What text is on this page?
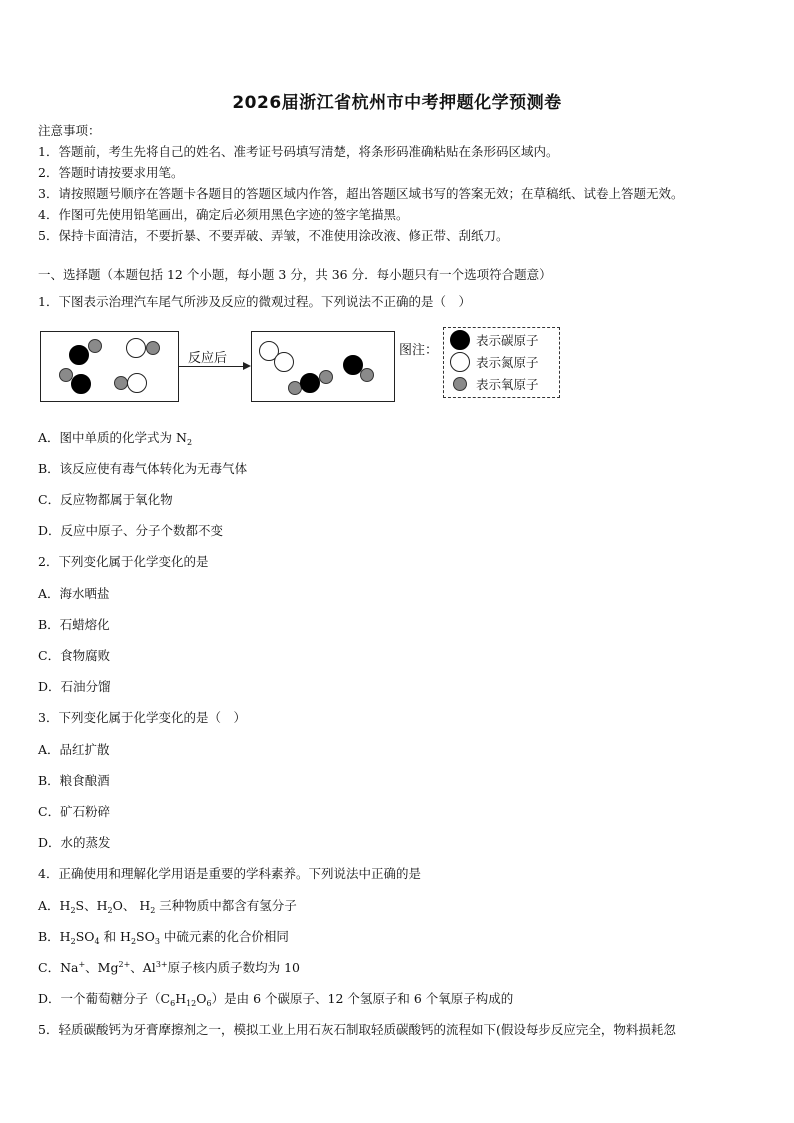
2026届浙江省杭州市中考押题化学预测卷
注意事项：
1．答题前，考生先将自己的姓名、准考证号码填写清楚，将条形码准确粘贴在条形码区域内。
2．答题时请按要求用笔。
3．请按照题号顺序在答题卡各题目的答题区域内作答，超出答题区域书写的答案无效；在草稿纸、试卷上答题无效。
4．作图可先使用铅笔画出，确定后必须用黑色字迹的签字笔描黑。
5．保持卡面清洁，不要折暴、不要弄破、弄皱，不准使用涂改液、修正带、刮纸刀。
一、选择题（本题包括 12 个小题，每小题 3 分，共 36 分．每小题只有一个选项符合题意）
1．下图表示治理汽车尾气所涉及反应的微观过程。下列说法不正确的是（　）
反应后
图注：
表示碳原子
表示氮原子
表示氧原子
A．图中单质的化学式为 $N_2$
B．该反应使有毒气体转化为无毒气体
C．反应物都属于氧化物
D．反应中原子、分子个数都不变
2．下列变化属于化学变化的是
A．海水晒盐
B．石蜡熔化
C．食物腐败
D．石油分馏
3．下列变化属于化学变化的是（　）
A．品红扩散
B．粮食酿酒
C．矿石粉碎
D．水的蒸发
4．正确使用和理解化学用语是重要的学科素养。下列说法中正确的是
A．$H_2S$、$H_2O$、 $H_2$ 三种物质中都含有氢分子
B．$H_2SO_4$ 和 $H_2SO_3$ 中硫元素的化合价相同
C．Na+、$Mg^{2+}$、$Al^{3+}$原子核内质子数均为 10
D．一个葡萄糖分子$(C_6H_{12}O_6)$是由 6 个碳原子、12 个氢原子和 6 个氧原子构成的
5．轻质碳酸钙为牙膏摩擦剂之一，模拟工业上用石灰石制取轻质碳酸钙的流程如下(假设每步反应完全，物料损耗忽
